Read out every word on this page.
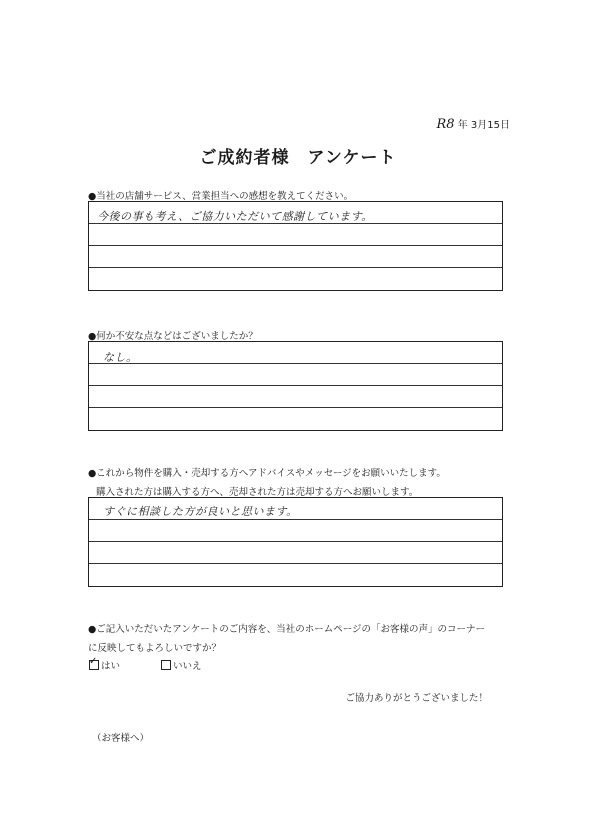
R8 年 3月15日
ご成約者様　アンケート
●当社の店舗サービス、営業担当への感想を教えてください。
今後の事も考え、ご協力いただいて感謝しています。
●何か不安な点などはございましたか？
なし。
●これから物件を購入・売却する方へアドバイスやメッセージをお願いいたします。
購入された方は購入する方へ、売却された方は売却する方へお願いします。
すぐに相談した方が良いと思います。
●ご記入いただいたアンケートのご内容を、当社のホームページの「お客様の声」のコーナー
に反映してもよろしいですか？
✓はい	いいえ
ご協力ありがとうございました！
（お客様へ）
